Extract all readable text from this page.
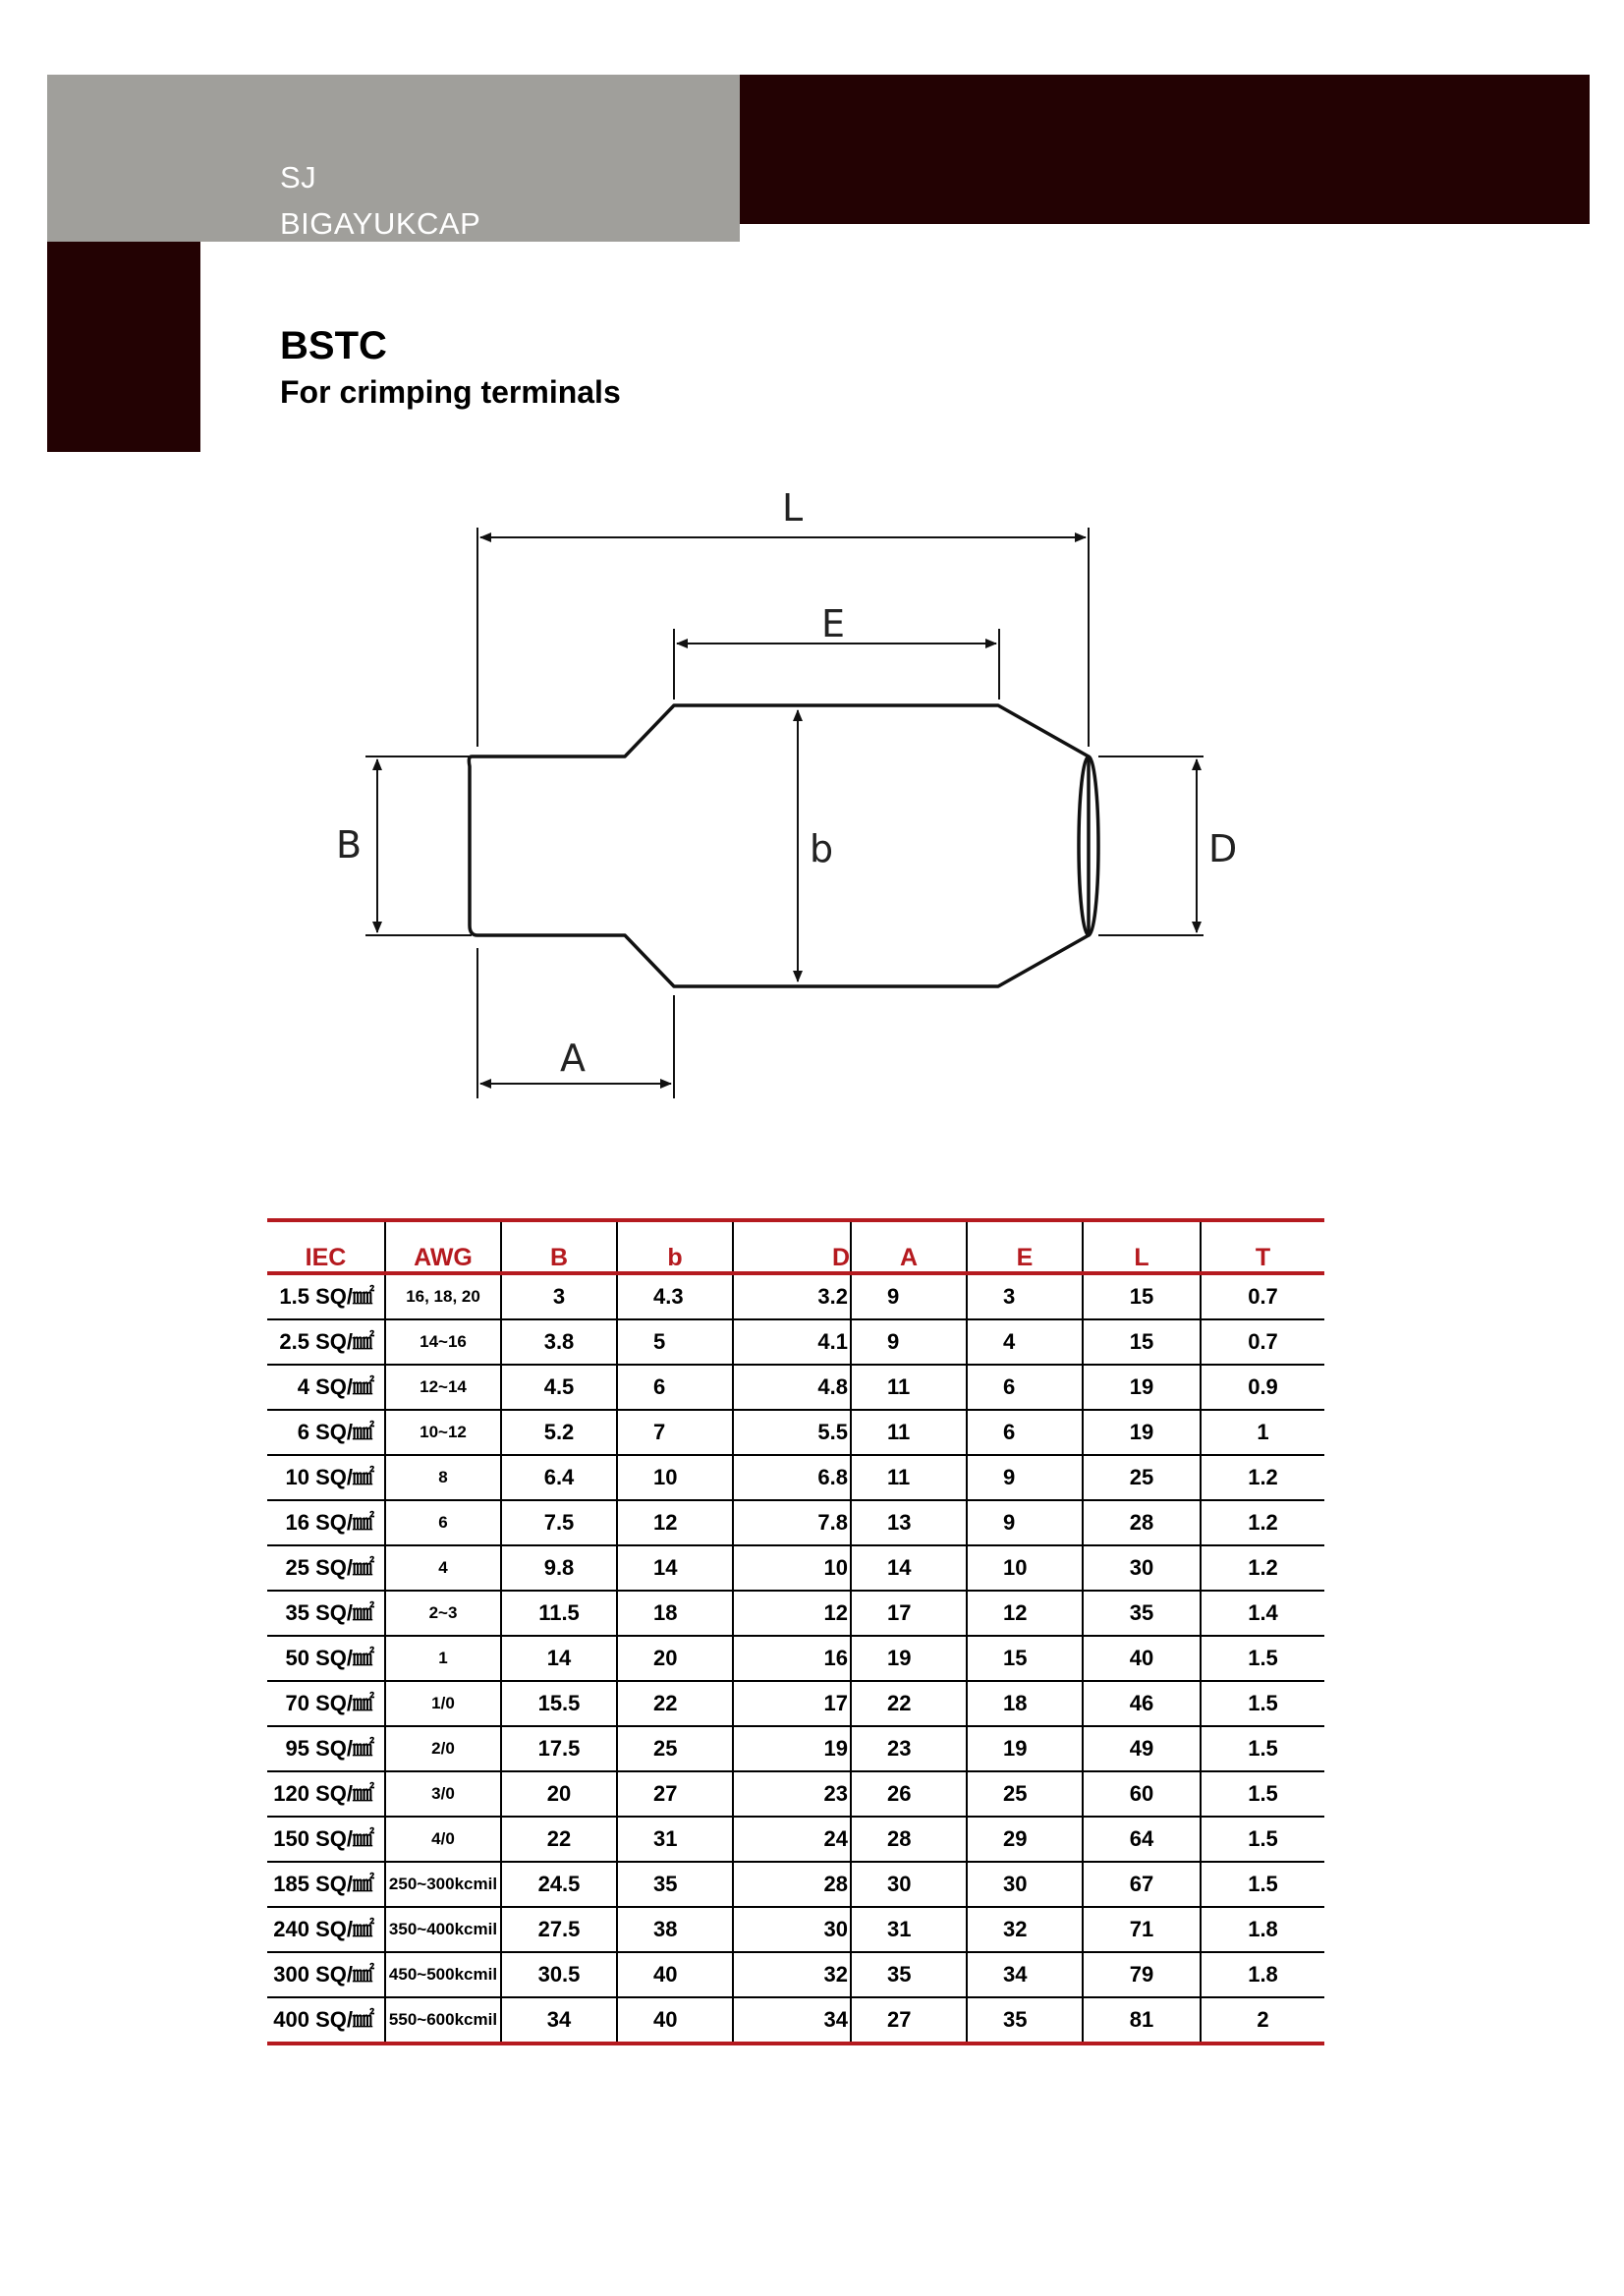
SJ
BIGAYUKCAP
BSTC
For crimping terminals
L
E
B	b	D
A
IEC	AWG	B	b	D	A	E	L	T
1.5 SQ/㎟	16, 18, 20	3	4.3	3.2	9	3	15	0.7
2.5 SQ/㎟	14~16	3.8	5	4.1	9	4	15	0.7
4 SQ/㎟	12~14	4.5	6	4.8	11	6	19	0.9
6 SQ/㎟	10~12	5.2	7	5.5	11	6	19	1
10 SQ/㎟	8	6.4	10	6.8	11	9	25	1.2
16 SQ/㎟	6	7.5	12	7.8	13	9	28	1.2
25 SQ/㎟	4	9.8	14	10	14	10	30	1.2
35 SQ/㎟	2~3	11.5	18	12	17	12	35	1.4
50 SQ/㎟	1	14	20	16	19	15	40	1.5
70 SQ/㎟	1/0	15.5	22	17	22	18	46	1.5
95 SQ/㎟	2/0	17.5	25	19	23	19	49	1.5
120 SQ/㎟	3/0	20	27	23	26	25	60	1.5
150 SQ/㎟	4/0	22	31	24	28	29	64	1.5
185 SQ/㎟	250~300kcmil	24.5	35	28	30	30	67	1.5
240 SQ/㎟	350~400kcmil	27.5	38	30	31	32	71	1.8
300 SQ/㎟	450~500kcmil	30.5	40	32	35	34	79	1.8
400 SQ/㎟	550~600kcmil	34	40	34	27	35	81	2
